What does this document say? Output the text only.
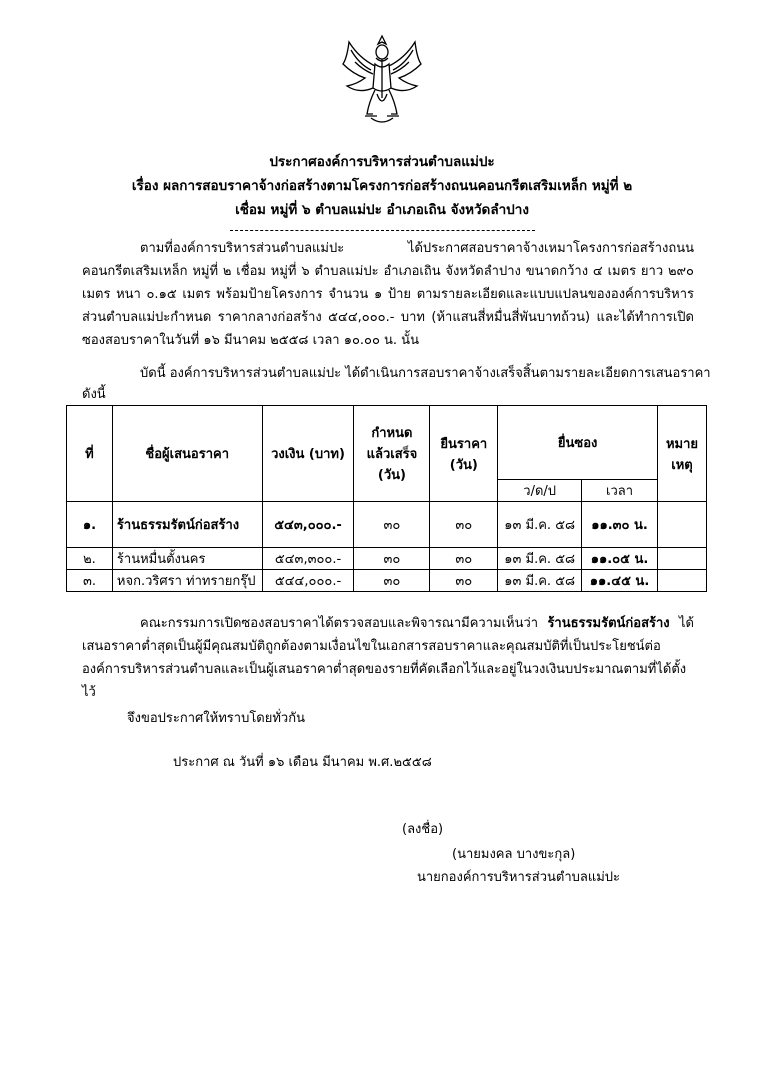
ประกาศองค์การบริหารส่วนตำบลแม่ปะ
เรื่อง ผลการสอบราคาจ้างก่อสร้างตามโครงการก่อสร้างถนนคอนกรีตเสริมเหล็ก หมู่ที่ ๒
เชื่อม หมู่ที่ ๖ ตำบลแม่ปะ อำเภอเถิน จังหวัดลำปาง
ตามที่องค์การบริหารส่วนตำบลแม่ปะ ได้ประกาศสอบราคาจ้างเหมาโครงการก่อสร้างถนนคอนกรีตเสริมเหล็ก หมู่ที่ ๒ เชื่อม หมู่ที่ ๖ ตำบลแม่ปะ อำเภอเถิน จังหวัดลำปาง ขนาดกว้าง ๔ เมตร ยาว ๒๙๐ เมตร หนา ๐.๑๕ เมตร พร้อมป้ายโครงการ จำนวน ๑ ป้าย ตามรายละเอียดและแบบแปลนขององค์การบริหารส่วนตำบลแม่ปะกำหนด ราคากลางก่อสร้าง ๕๔๔,๐๐๐.- บาท (ห้าแสนสี่หมื่นสี่พันบาทถ้วน) และได้ทำการเปิดซองสอบราคาในวันที่ ๑๖ มีนาคม ๒๕๕๘ เวลา ๑๐.๐๐ น. นั้น
บัดนี้ องค์การบริหารส่วนตำบลแม่ปะ ได้ดำเนินการสอบราคาจ้างเสร็จสิ้นตามรายละเอียดการเสนอราคา
ดังนี้
ที่	ชื่อผู้เสนอราคา	วงเงิน (บาท)	กำหนด แล้วเสร็จ (วัน)	ยืนราคา (วัน)	ยื่นซอง		หมาย เหตุ
					ว/ด/ป	เวลา	
๑.	ร้านธรรมรัตน์ก่อสร้าง	๕๔๓,๐๐๐.-	๓๐	๓๐	๑๓ มี.ค. ๕๘	๑๑.๓๐ น.	
๒.	ร้านหมื่นตั้งนคร	๕๔๓,๓๐๐.-	๓๐	๓๐	๑๓ มี.ค. ๕๘	๑๑.๐๕ น.	
๓.	หจก.วริศรา ท่าทรายกรุ๊ป	๕๔๔,๐๐๐.-	๓๐	๓๐	๑๓ มี.ค. ๕๘	๑๑.๔๕ น.	
คณะกรรมการเปิดซองสอบราคาได้ตรวจสอบและพิจารณามีความเห็นว่า ร้านธรรมรัตน์ก่อสร้าง ได้เสนอราคาต่ำสุดเป็นผู้มีคุณสมบัติถูกต้องตามเงื่อนไขในเอกสารสอบราคาและคุณสมบัติที่เป็นประโยชน์ต่อองค์การบริหารส่วนตำบลและเป็นผู้เสนอราคาต่ำสุดของรายที่คัดเลือกไว้และอยู่ในวงเงินบประมาณตามที่ได้ตั้งไว้
จึงขอประกาศให้ทราบโดยทั่วกัน
ประกาศ ณ วันที่ ๑๖ เดือน มีนาคม พ.ศ.๒๕๕๘
(ลงชื่อ)
(นายมงคล บางขะกุล)
นายกองค์การบริหารส่วนตำบลแม่ปะ
